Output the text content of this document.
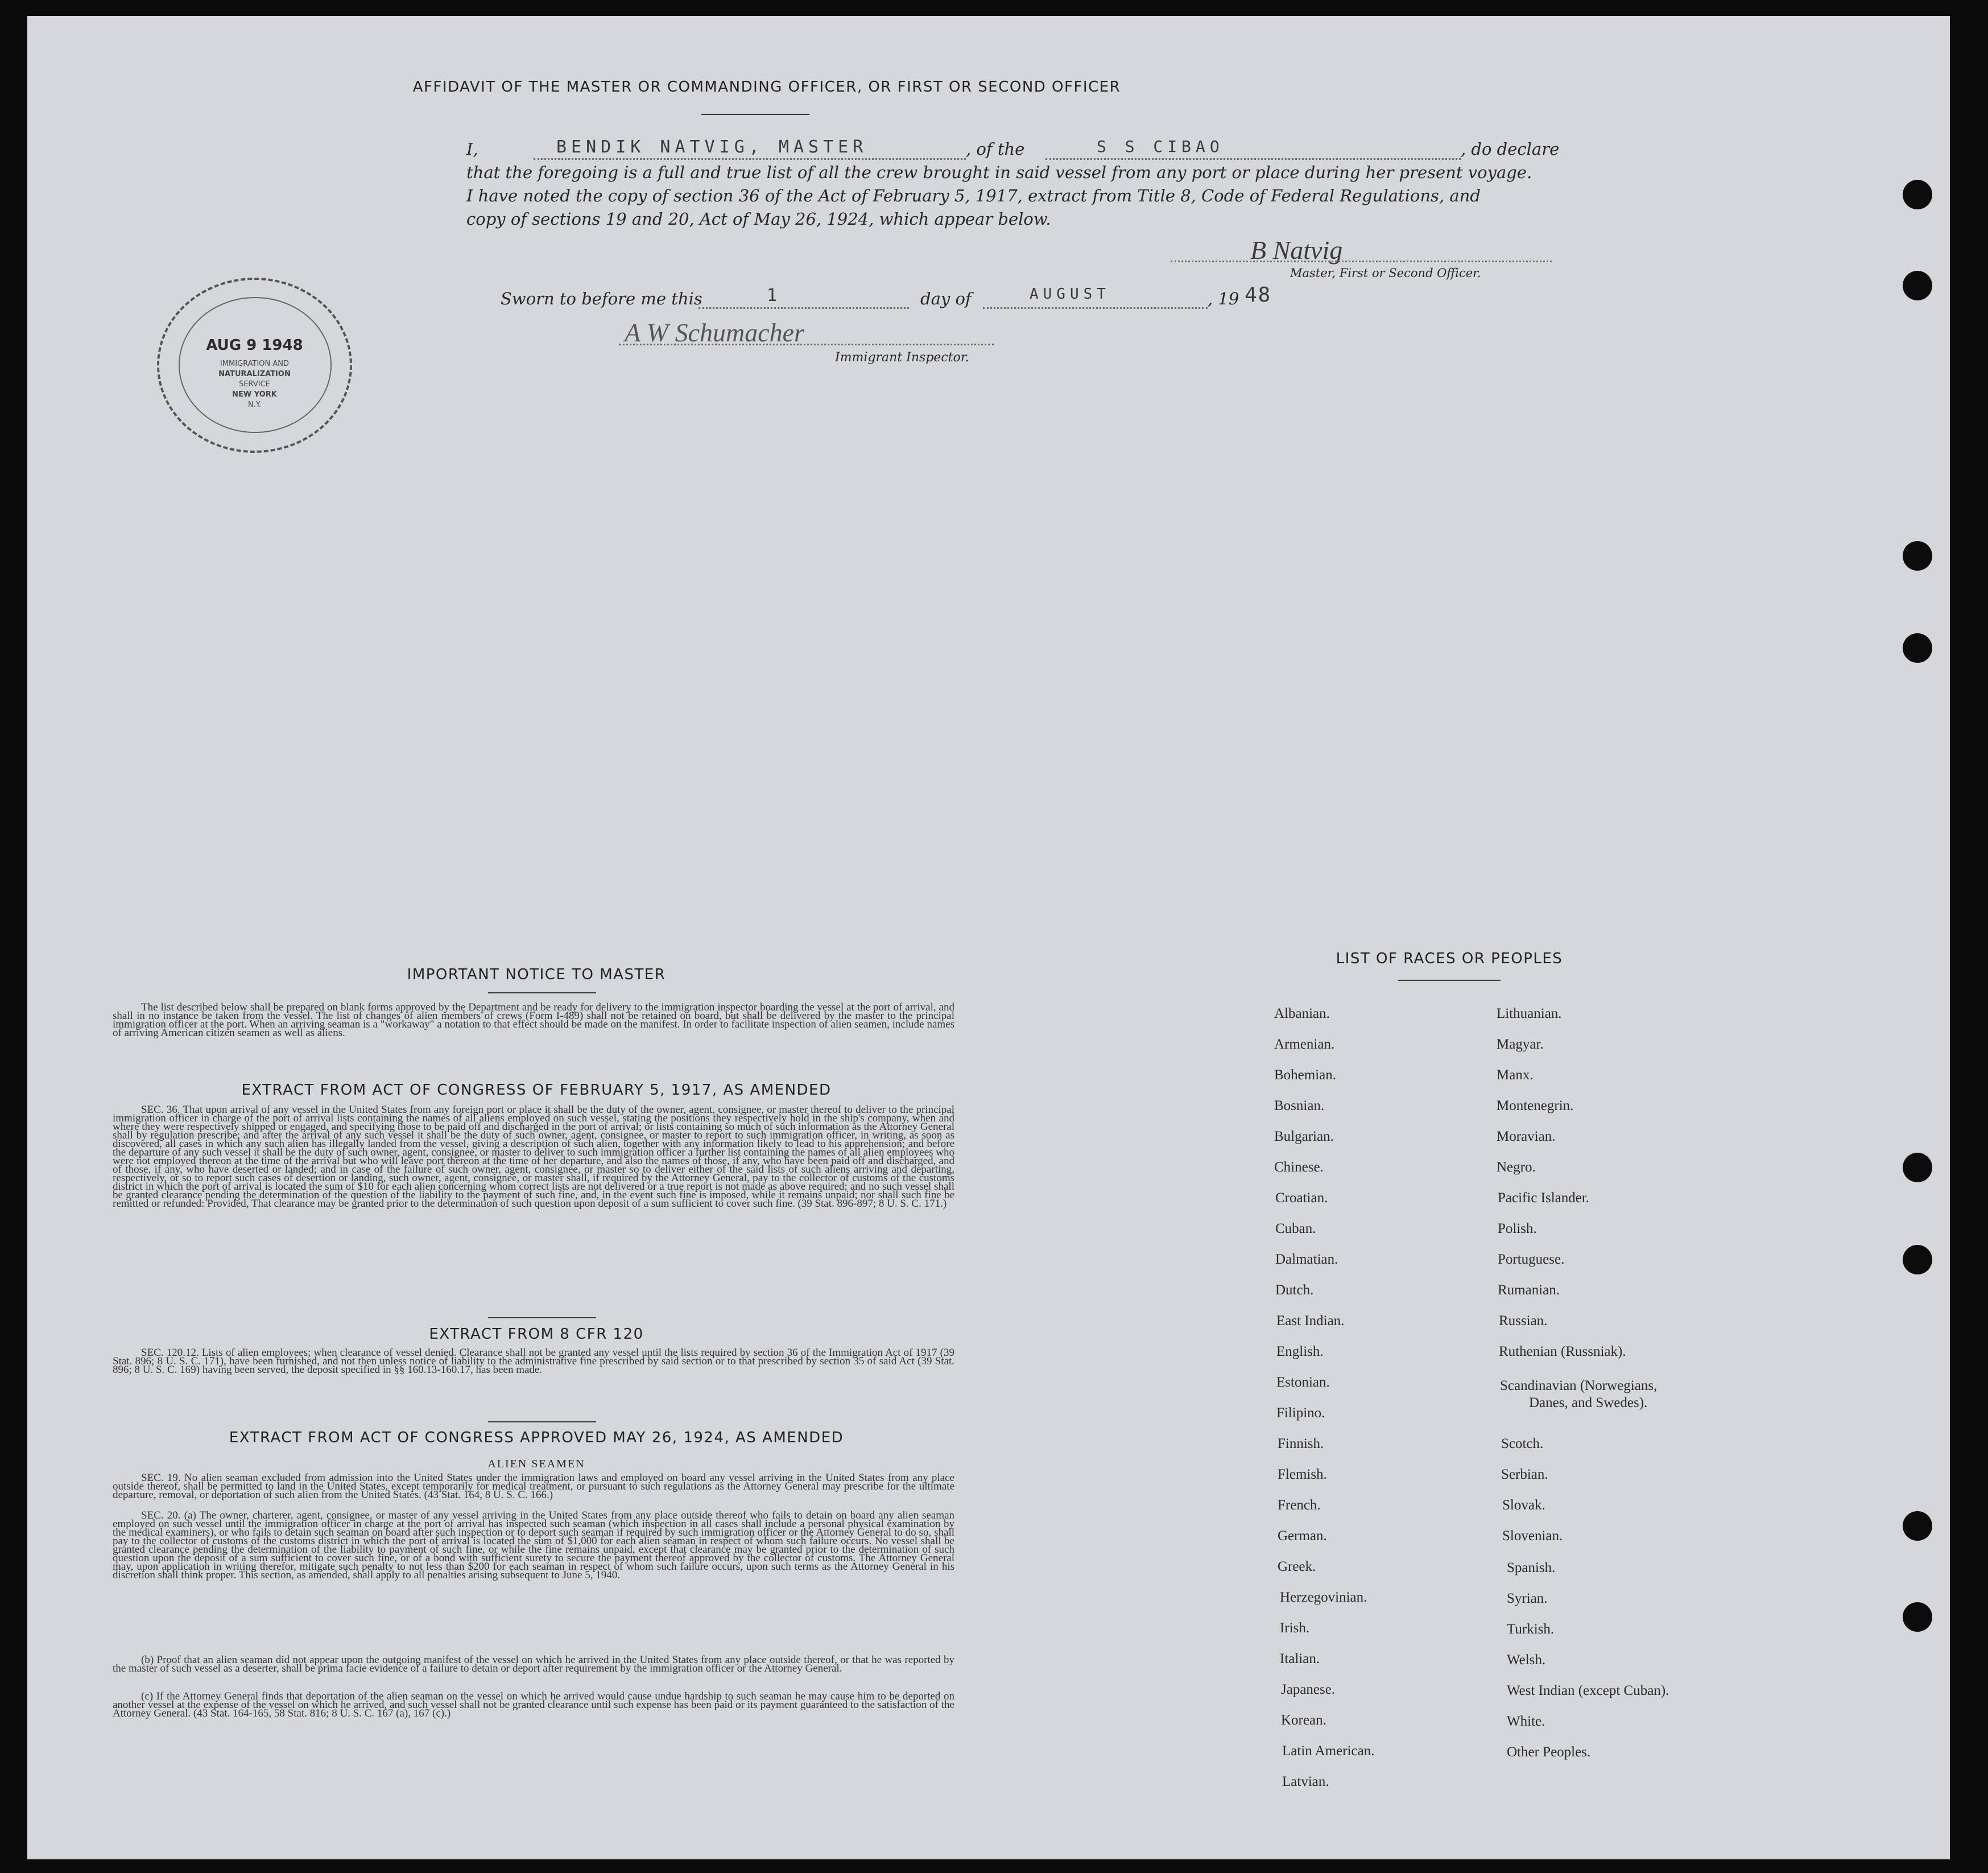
AFFIDAVIT OF THE MASTER OR COMMANDING OFFICER, OR FIRST OR SECOND OFFICER
I,	BENDIK NATVIG, MASTER	, of the	S S CIBAO	, do declare
that the foregoing is a full and true list of all the crew brought in said vessel from any port or place during her present voyage.
I have noted the copy of section 36 of the Act of February 5, 1917, extract from Title 8, Code of Federal Regulations, and
copy of sections 19 and 20, Act of May 26, 1924, which appear below.
B Natvig
Master, First or Second Officer.
Sworn to before me this	1	day of	AUGUST	, 19 48
A W Schumacher
Immigrant Inspector.
AUG 9 1948
IMMIGRATION AND
NATURALIZATION
SERVICE
NEW YORK
N.Y.
IMPORTANT NOTICE TO MASTER

The list described below shall be prepared on blank forms approved by the Department and be ready for delivery to the immigration inspector boarding the vessel at the port of arrival, and shall in no instance be taken from the vessel. The list of changes of alien members of crews (Form I-489) shall not be retained on board, but shall be delivered by the master to the principal immigration officer at the port. When an arriving seaman is a "workaway" a notation to that effect should be made on the manifest. In order to facilitate inspection of alien seamen, include names of arriving American citizen seamen as well as aliens.

EXTRACT FROM ACT OF CONGRESS OF FEBRUARY 5, 1917, AS AMENDED

SEC. 36. That upon arrival of any vessel in the United States from any foreign port or place it shall be the duty of the owner, agent, consignee, or master thereof to deliver to the principal immigration officer in charge of the port of arrival lists containing the names of all aliens employed on such vessel, stating the positions they respectively hold in the ship's company, when and where they were respectively shipped or engaged, and specifying those to be paid off and discharged in the port of arrival; or lists containing so much of such information as the Attorney General shall by regulation prescribe; and after the arrival of any such vessel it shall be the duty of such owner, agent, consignee, or master to report to such immigration officer, in writing, as soon as discovered, all cases in which any such alien has illegally landed from the vessel, giving a description of such alien, together with any information likely to lead to his apprehension; and before the departure of any such vessel it shall be the duty of such owner, agent, consignee, or master to deliver to such immigration officer a further list containing the names of all alien employees who were not employed thereon at the time of the arrival but who will leave port thereon at the time of her departure, and also the names of those, if any, who have been paid off and discharged, and of those, if any, who have deserted or landed; and in case of the failure of such owner, agent, consignee, or master so to deliver either of the said lists of such aliens arriving and departing, respectively, or so to report such cases of desertion or landing, such owner, agent, consignee, or master shall, if required by the Attorney General, pay to the collector of customs of the customs district in which the port of arrival is located the sum of $10 for each alien concerning whom correct lists are not delivered or a true report is not made as above required; and no such vessel shall be granted clearance pending the determination of the question of the liability to the payment of such fine, and, in the event such fine is imposed, while it remains unpaid; nor shall such fine be remitted or refunded: Provided, That clearance may be granted prior to the determination of such question upon deposit of a sum sufficient to cover such fine. (39 Stat. 896-897; 8 U. S. C. 171.)

EXTRACT FROM 8 CFR 120

SEC. 120.12. Lists of alien employees; when clearance of vessel denied. Clearance shall not be granted any vessel until the lists required by section 36 of the Immigration Act of 1917 (39 Stat. 896; 8 U. S. C. 171), have been furnished, and not then unless notice of liability to the administrative fine prescribed by said section or to that prescribed by section 35 of said Act (39 Stat. 896; 8 U. S. C. 169) having been served, the deposit specified in §§ 160.13-160.17, has been made.

EXTRACT FROM ACT OF CONGRESS APPROVED MAY 26, 1924, AS AMENDED
ALIEN SEAMEN

SEC. 19. No alien seaman excluded from admission into the United States under the immigration laws and employed on board any vessel arriving in the United States from any place outside thereof, shall be permitted to land in the United States, except temporarily for medical treatment, or pursuant to such regulations as the Attorney General may prescribe for the ultimate departure, removal, or deportation of such alien from the United States. (43 Stat. 164, 8 U. S. C. 166.)

SEC. 20. (a) The owner, charterer, agent, consignee, or master of any vessel arriving in the United States from any place outside thereof who fails to detain on board any alien seaman employed on such vessel until the immigration officer in charge at the port of arrival has inspected such seaman (which inspection in all cases shall include a personal physical examination by the medical examiners), or who fails to detain such seaman on board after such inspection or to deport such seaman if required by such immigration officer or the Attorney General to do so, shall pay to the collector of customs of the customs district in which the port of arrival is located the sum of $1,000 for each alien seaman in respect of whom such failure occurs. No vessel shall be granted clearance pending the determination of the liability to payment of such fine, or while the fine remains unpaid, except that clearance may be granted prior to the determination of such question upon the deposit of a sum sufficient to cover such fine, or of a bond with sufficient surety to secure the payment thereof approved by the collector of customs. The Attorney General may, upon application in writing therefor, mitigate such penalty to not less than $200 for each seaman in respect of whom such failure occurs, upon such terms as the Attorney General in his discretion shall think proper. This section, as amended, shall apply to all penalties arising subsequent to June 5, 1940.

(b) Proof that an alien seaman did not appear upon the outgoing manifest of the vessel on which he arrived in the United States from any place outside thereof, or that he was reported by the master of such vessel as a deserter, shall be prima facie evidence of a failure to detain or deport after requirement by the immigration officer or the Attorney General.

(c) If the Attorney General finds that deportation of the alien seaman on the vessel on which he arrived would cause undue hardship to such seaman he may cause him to be deported on another vessel at the expense of the vessel on which he arrived, and such vessel shall not be granted clearance until such expense has been paid or its payment guaranteed to the satisfaction of the Attorney General. (43 Stat. 164-165, 58 Stat. 816; 8 U. S. C. 167 (a), 167 (c).)

LIST OF RACES OR PEOPLES
Albanian.
Armenian.
Bohemian.
Bosnian.
Bulgarian.
Chinese.
Croatian.
Cuban.
Dalmatian.
Dutch.
East Indian.
English.
Estonian.
Filipino.
Finnish.
Flemish.
French.
German.
Greek.
Herzegovinian.
Irish.
Italian.
Japanese.
Korean.
Latin American.
Latvian.
Lithuanian.
Magyar.
Manx.
Montenegrin.
Moravian.
Negro.
Pacific Islander.
Polish.
Portuguese.
Rumanian.
Russian.
Ruthenian (Russniak).
Scandinavian (Norwegians,
Danes, and Swedes).
Scotch.
Serbian.
Slovak.
Slovenian.
Spanish.
Syrian.
Turkish.
Welsh.
West Indian (except Cuban).
White.
Other Peoples.
